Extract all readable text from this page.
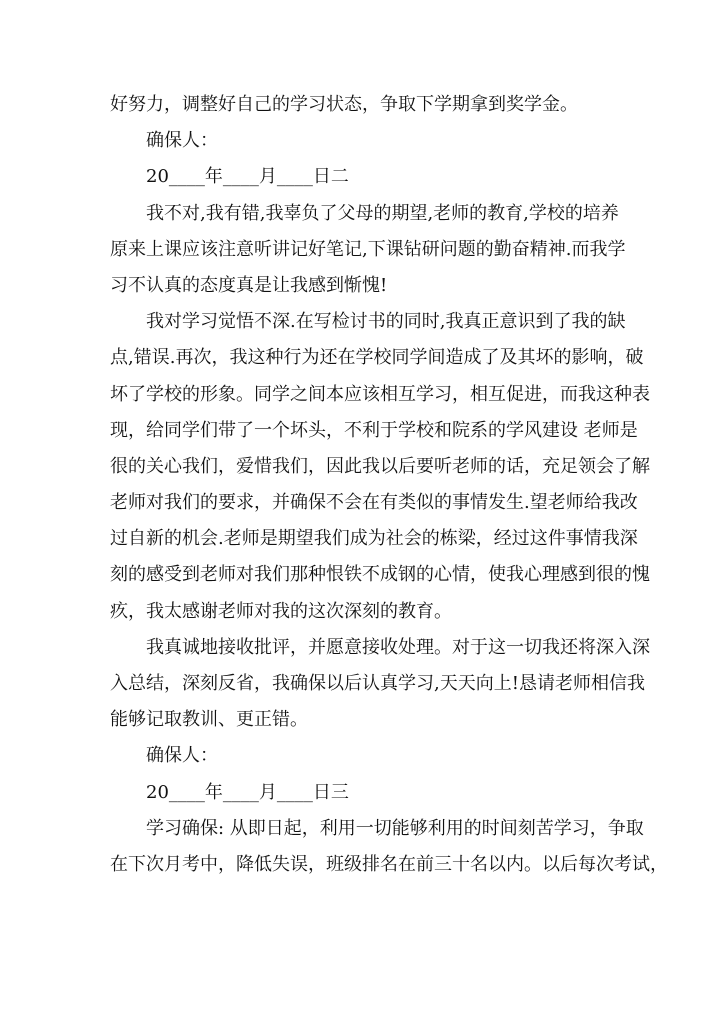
好努力，调整好自己的学习状态，争取下学期拿到奖学金。
确保人：
20____年____月____日二
我不对,我有错,我辜负了父母的期望,老师的教育,学校的培养
原来上课应该注意听讲记好笔记,下课钻研问题的勤奋精神.而我学
习不认真的态度真是让我感到惭愧!
我对学习觉悟不深.在写检讨书的同时,我真正意识到了我的缺
点,错误.再次，我这种行为还在学校同学间造成了及其坏的影响，破
坏了学校的形象。同学之间本应该相互学习，相互促进，而我这种表
现，给同学们带了一个坏头，不利于学校和院系的学风建设 老师是
很的关心我们，爱惜我们，因此我以后要听老师的话，充足领会了解
老师对我们的要求，并确保不会在有类似的事情发生.望老师给我改
过自新的机会.老师是期望我们成为社会的栋梁，经过这件事情我深
刻的感受到老师对我们那种恨铁不成钢的心情，使我心理感到很的愧
疚，我太感谢老师对我的这次深刻的教育。
我真诚地接收批评，并愿意接收处理。对于这一切我还将深入深
入总结，深刻反省，我确保以后认真学习,天天向上!恳请老师相信我
能够记取教训、更正错。
确保人：
20____年____月____日三
学习确保: 从即日起，利用一切能够利用的时间刻苦学习，争取
在下次月考中，降低失误，班级排名在前三十名以内。以后每次考试，
